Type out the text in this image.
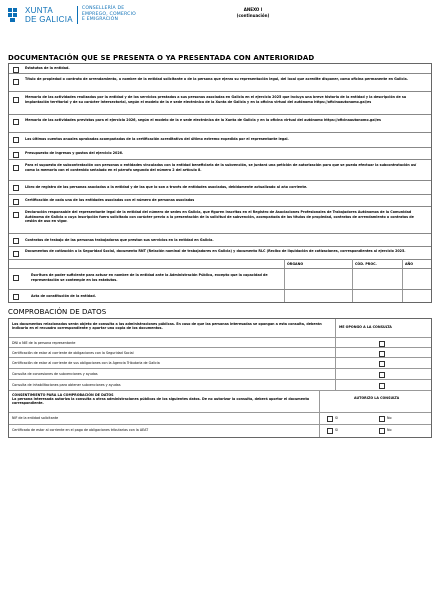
XUNTA
DE GALICIA
CONSELLERÍA DE
EMPREGO, COMERCIO
E EMIGRACIÓN
ANEXO I
(continuación)
DOCUMENTACIÓN QUE SE PRESENTA O YA PRESENTADA CON ANTERIORIDAD
Estatutos de la entidad.
Título de propiedad o contrato de arrendamiento, a nombre de la entidad solicitante o de la persona que ejerza su representación legal, del local que acredite disponer, como oficina permanente en Galicia.
Memoria de las actividades realizadas por la entidad y de los servicios prestados a sus personas asociadas en Galicia en el ejercicio 2025 que incluya una breve historia de la entidad y la descripción de su implantación territorial y de su carácter intersectorial, según el modelo de la e sede electrónica de la Xunta de Galicia y en la oficina virtual del autónomo https://oficinaautonomo.gal/es
Memoria de las actividades previstas para el ejercicio 2026, según el modelo de la e sede electrónica de la Xunta de Galicia y en la oficina virtual del autónomo https://oficinaautonomo.gal/es
Las últimas cuentas anuales aprobadas acompañadas de la certificación acreditativa del último extremo expedida por el representante legal.
Presupuesto de ingresos y gastos del ejercicio 2026.
Para el supuesto de subcontratación con personas o entidades vinculadas con la entidad beneficiaria de la subvención, se juntará una petición de autorización para que se pueda efectuar la subcontratación así como la memoria con el contenido señalado en el párrafo segundo del número 2 del artículo 8.
Libro de registro de las personas asociadas a la entidad y de las que lo son a través de entidades asociadas, debidamente actualizado al año corriente.
Certificación de cada una de las entidades asociadas con el número de personas asociadas
Declaración responsable del representante legal de la entidad del número de sedes en Galicia, que figuren inscritas en el Registro de Asociaciones Profesionales de Trabajadores Autónomos de la Comunidad Autónoma de Galicia o cuya inscripción fuera solicitada con carácter previo a la presentación de la solicitud de subvención, acompañada de los títulos de propiedad, contratos de arrendamiento o contratos de cesión de uso en vigor.
Contratos de trabajo de las personas trabajadoras que prestan sus servicios en la entidad en Galicia.
Documentos de cotización a la Seguridad Social, documento RNT (Relación nominal de trabajadores en Galicia) y documento RLC (Recibo de liquidación de cotizaciones, correspondientes al ejercicio 2025.
ÓRGANO	CÓD. PROC.	AÑO
Escritura de poder suficiente para actuar en nombre de la entidad ante la Administración Pública, excepto que la capacidad de representación se contemple en los estatutos.
Acta de constitución de la entidad.
COMPROBACIÓN DE DATOS
Los documentos relacionados serán objeto de consulta a las administraciones públicas. En caso de que las personas interesadas se opongan a esta consulta, deberán indicarlo en el recuadro correspondiente y aportar una copia de los documentos.	ME OPONGO A LA CONSULTA
DNI o NIE de la persona representante
Certificación de estar al corriente de obligaciones con la Seguridad Social
Certificación de estar al corriente de sus obligaciones con la Agencia Tributaria de Galicia
Consulta de concesiones de subvenciones y ayudas
Consulta de inhabilitaciones para obtener subvenciones y ayudas
CONSENTIMIENTO PARA LA COMPROBACIÓN DE DATOS
La persona interesada autoriza la consulta a otras administraciones públicas de los siguientes datos. De no autorizar la consulta, deberá aportar el documento correspondiente.
AUTORIZO LA CONSULTA
NIF de la entidad solicitante	Sí	No
Certificado de estar al corriente en el pago de obligaciones tributarias con la AEAT	Sí	No
